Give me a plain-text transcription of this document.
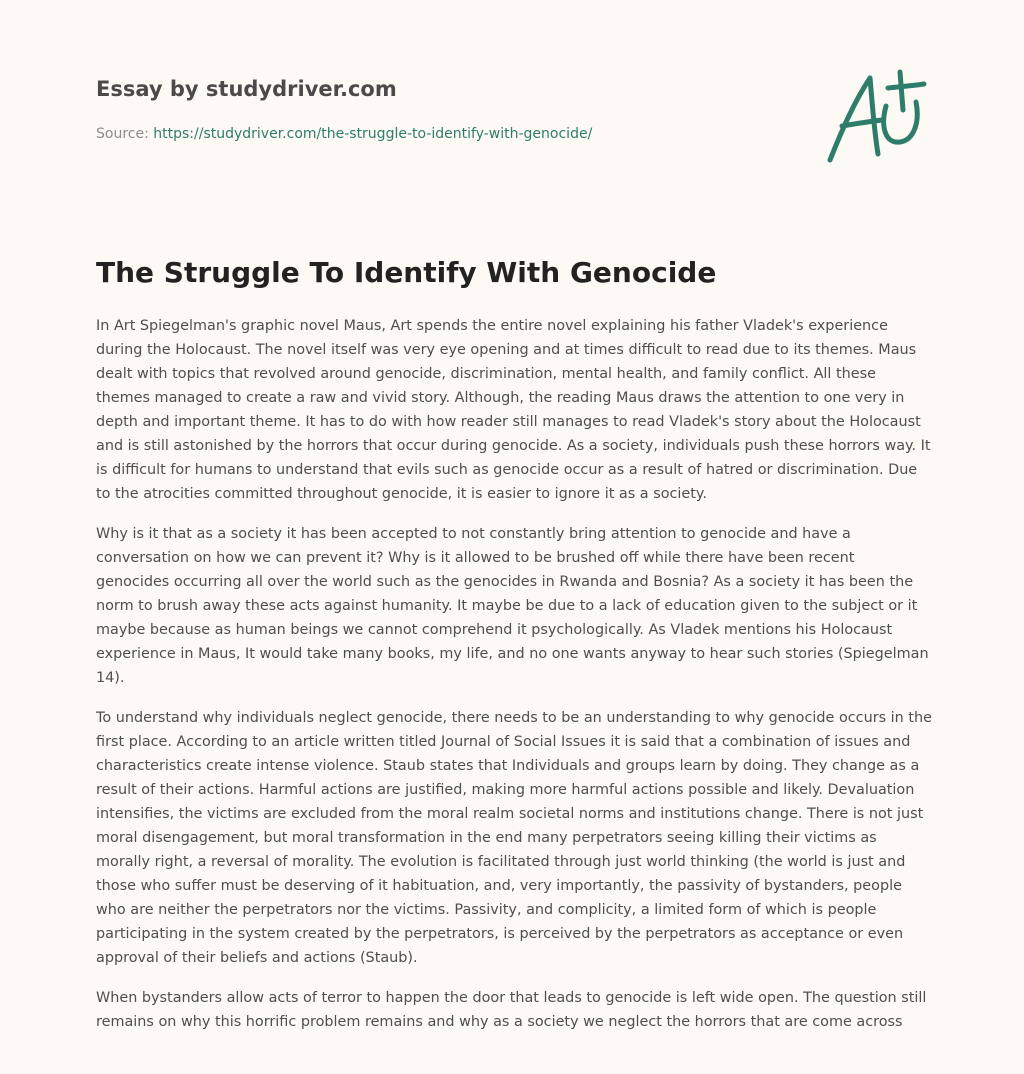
Essay by studydriver.com
Source: https://studydriver.com/the-struggle-to-identify-with-genocide/
The Struggle To Identify With Genocide

In Art Spiegelman's graphic novel Maus, Art spends the entire novel explaining his father Vladek's experience during the Holocaust. The novel itself was very eye opening and at times difficult to read due to its themes. Maus dealt with topics that revolved around genocide, discrimination, mental health, and family conflict. All these themes managed to create a raw and vivid story. Although, the reading Maus draws the attention to one very in depth and important theme. It has to do with how reader still manages to read Vladek's story about the Holocaust and is still astonished by the horrors that occur during genocide. As a society, individuals push these horrors way. It is difficult for humans to understand that evils such as genocide occur as a result of hatred or discrimination. Due to the atrocities committed throughout genocide, it is easier to ignore it as a society.

Why is it that as a society it has been accepted to not constantly bring attention to genocide and have a conversation on how we can prevent it? Why is it allowed to be brushed off while there have been recent genocides occurring all over the world such as the genocides in Rwanda and Bosnia? As a society it has been the norm to brush away these acts against humanity. It maybe be due to a lack of education given to the subject or it maybe because as human beings we cannot comprehend it psychologically. As Vladek mentions his Holocaust experience in Maus, It would take many books, my life, and no one wants anyway to hear such stories (Spiegelman 14).

To understand why individuals neglect genocide, there needs to be an understanding to why genocide occurs in the first place. According to an article written titled Journal of Social Issues it is said that a combination of issues and characteristics create intense violence. Staub states that Individuals and groups learn by doing. They change as a result of their actions. Harmful actions are justified, making more harmful actions possible and likely. Devaluation intensifies, the victims are excluded from the moral realm societal norms and institutions change. There is not just moral disengagement, but moral transformation in the end many perpetrators seeing killing their victims as morally right, a reversal of morality. The evolution is facilitated through just world thinking (the world is just and those who suffer must be deserving of it habituation, and, very importantly, the passivity of bystanders, people who are neither the perpetrators nor the victims. Passivity, and complicity, a limited form of which is people participating in the system created by the perpetrators, is perceived by the perpetrators as acceptance or even approval of their beliefs and actions (Staub).

When bystanders allow acts of terror to happen the door that leads to genocide is left wide open. The question still remains on why this horrific problem remains and why as a society we neglect the horrors that are come across
